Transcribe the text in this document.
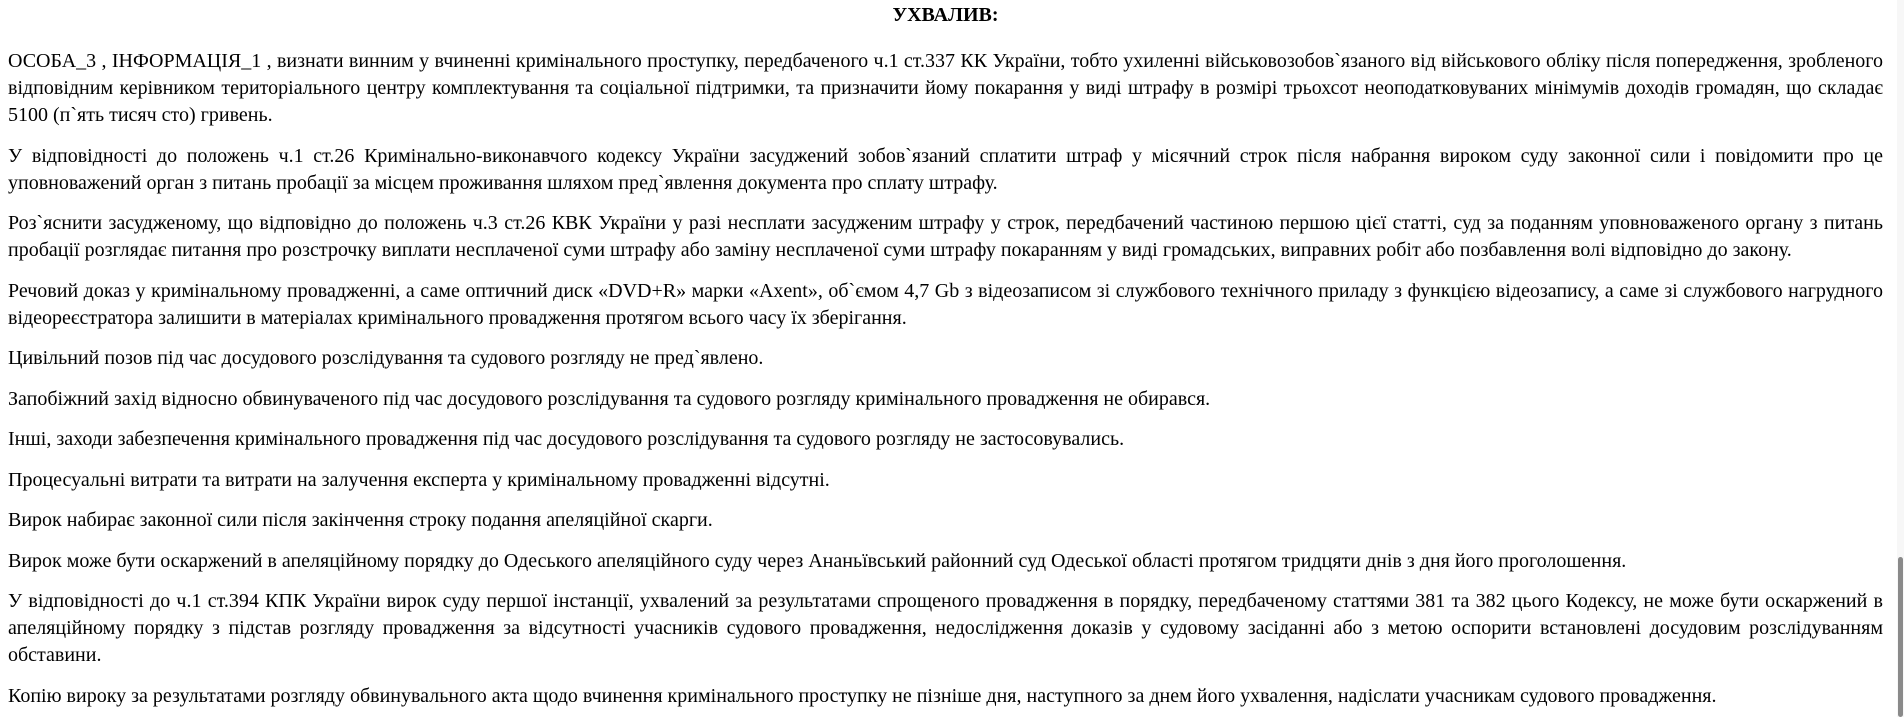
УХВАЛИВ:

ОСОБА_3 , ІНФОРМАЦІЯ_1 , визнати винним у вчиненні кримінального проступку, передбаченого ч.1 ст.337 КК України, тобто ухиленні військовозобов`язаного від військового обліку після попередження, зробленого відповідним керівником територіального центру комплектування та соціальної підтримки, та призначити йому покарання у виді штрафу в розмірі трьохсот неоподатковуваних мінімумів доходів громадян, що складає 5100 (п`ять тисяч сто) гривень.

У відповідності до положень ч.1 ст.26 Кримінально-виконавчого кодексу України засуджений зобов`язаний сплатити штраф у місячний строк після набрання вироком суду законної сили і повідомити про це уповноважений орган з питань пробації за місцем проживання шляхом пред`явлення документа про сплату штрафу.

Роз`яснити засудженому, що відповідно до положень ч.3 ст.26 КВК України у разі несплати засудженим штрафу у строк, передбачений частиною першою цієї статті, суд за поданням уповноваженого органу з питань пробації розглядає питання про розстрочку виплати несплаченої суми штрафу або заміну несплаченої суми штрафу покаранням у виді громадських, виправних робіт або позбавлення волі відповідно до закону.

Речовий доказ у кримінальному провадженні, а саме оптичний диск «DVD+R» марки «Axent», об`ємом 4,7 Gb з відеозаписом зі службового технічного приладу з функцією відеозапису, а саме зі службового нагрудного відеореєстратора залишити в матеріалах кримінального провадження протягом всього часу їх зберігання.

Цивільний позов під час досудового розслідування та судового розгляду не пред`явлено.

Запобіжний захід відносно обвинуваченого під час досудового розслідування та судового розгляду кримінального провадження не обирався.

Інші, заходи забезпечення кримінального провадження під час досудового розслідування та судового розгляду не застосовувались.

Процесуальні витрати та витрати на залучення експерта у кримінальному провадженні відсутні.

Вирок набирає законної сили після закінчення строку подання апеляційної скарги.

Вирок може бути оскаржений в апеляційному порядку до Одеського апеляційного суду через Ананьївський районний суд Одеської області протягом тридцяти днів з дня його проголошення.

У відповідності до ч.1 ст.394 КПК України вирок суду першої інстанції, ухвалений за результатами спрощеного провадження в порядку, передбаченому статтями 381 та 382 цього Кодексу, не може бути оскаржений в апеляційному порядку з підстав розгляду провадження за відсутності учасників судового провадження, недослідження доказів у судовому засіданні або з метою оспорити встановлені досудовим розслідуванням обставини.

Копію вироку за результатами розгляду обвинувального акта щодо вчинення кримінального проступку не пізніше дня, наступного за днем його ухвалення, надіслати учасникам судового провадження.
